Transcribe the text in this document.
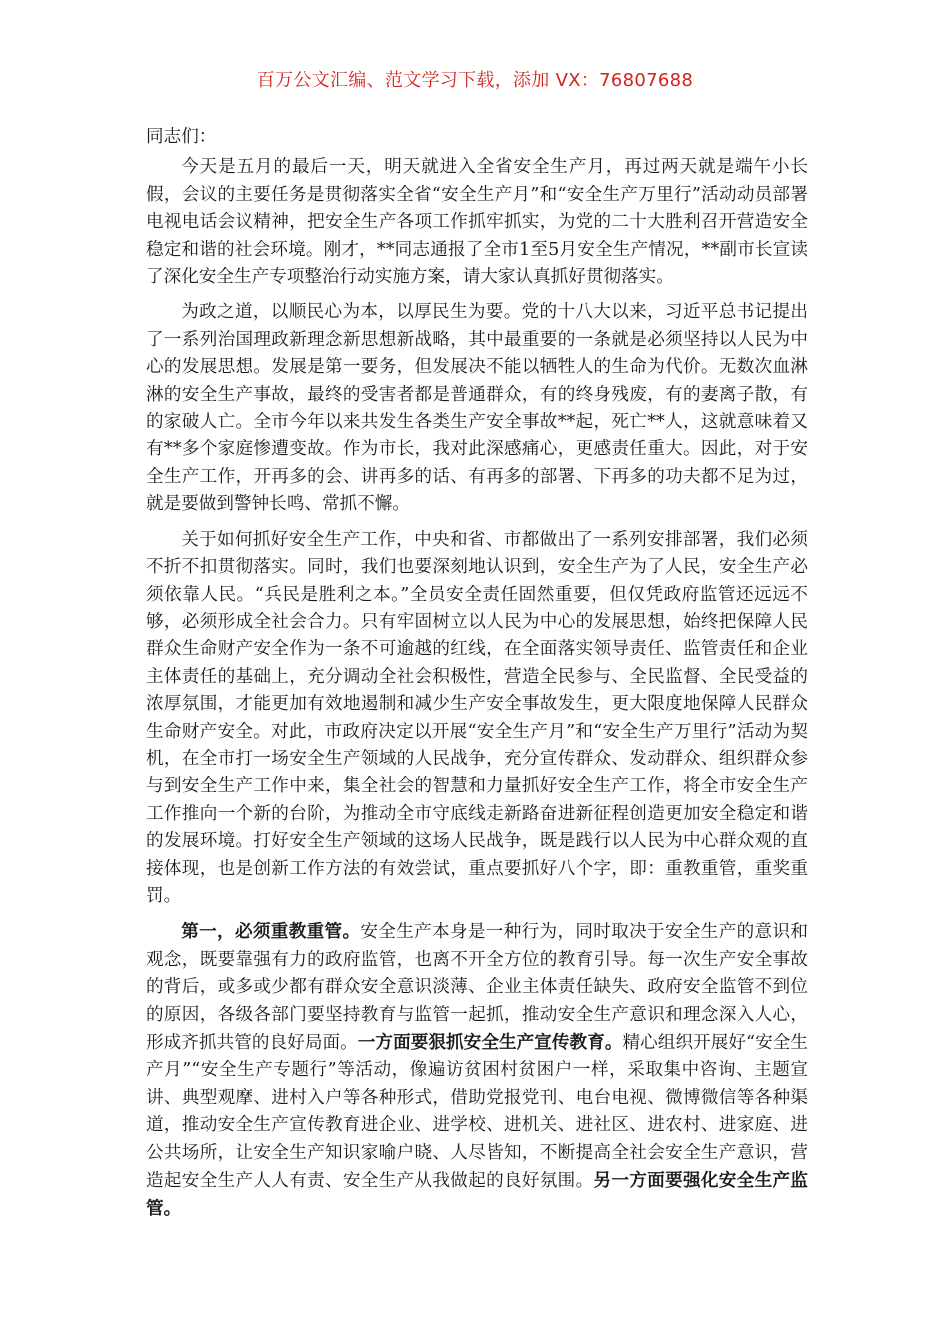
百万公文汇编、范文学习下载，添加 VX：76807688

同志们：

今天是五月的最后一天，明天就进入全省安全生产月，再过两天就是端午小长假，会议的主要任务是贯彻落实全省“安全生产月”和“安全生产万里行”活动动员部署电视电话会议精神，把安全生产各项工作抓牢抓实，为党的二十大胜利召开营造安全稳定和谐的社会环境。刚才，**同志通报了全市1至5月安全生产情况，**副市长宣读了深化安全生产专项整治行动实施方案，请大家认真抓好贯彻落实。

为政之道，以顺民心为本，以厚民生为要。党的十八大以来，习近平总书记提出了一系列治国理政新理念新思想新战略，其中最重要的一条就是必须坚持以人民为中心的发展思想。发展是第一要务，但发展决不能以牺牲人的生命为代价。无数次血淋淋的安全生产事故，最终的受害者都是普通群众，有的终身残废，有的妻离子散，有的家破人亡。全市今年以来共发生各类生产安全事故**起，死亡**人，这就意味着又有**多个家庭惨遭变故。作为市长，我对此深感痛心，更感责任重大。因此，对于安全生产工作，开再多的会、讲再多的话、有再多的部署、下再多的功夫都不足为过，就是要做到警钟长鸣、常抓不懈。

关于如何抓好安全生产工作，中央和省、市都做出了一系列安排部署，我们必须不折不扣贯彻落实。同时，我们也要深刻地认识到，安全生产为了人民，安全生产必须依靠人民。“兵民是胜利之本。”全员安全责任固然重要，但仅凭政府监管还远远不够，必须形成全社会合力。只有牢固树立以人民为中心的发展思想，始终把保障人民群众生命财产安全作为一条不可逾越的红线，在全面落实领导责任、监管责任和企业主体责任的基础上，充分调动全社会积极性，营造全民参与、全民监督、全民受益的浓厚氛围，才能更加有效地遏制和减少生产安全事故发生，更大限度地保障人民群众生命财产安全。对此，市政府决定以开展“安全生产月”和“安全生产万里行”活动为契机，在全市打一场安全生产领域的人民战争，充分宣传群众、发动群众、组织群众参与到安全生产工作中来，集全社会的智慧和力量抓好安全生产工作，将全市安全生产工作推向一个新的台阶，为推动全市守底线走新路奋进新征程创造更加安全稳定和谐的发展环境。打好安全生产领域的这场人民战争，既是践行以人民为中心群众观的直接体现，也是创新工作方法的有效尝试，重点要抓好八个字，即：重教重管，重奖重罚。

第一，必须重教重管。安全生产本身是一种行为，同时取决于安全生产的意识和观念，既要靠强有力的政府监管，也离不开全方位的教育引导。每一次生产安全事故的背后，或多或少都有群众安全意识淡薄、企业主体责任缺失、政府安全监管不到位的原因，各级各部门要坚持教育与监管一起抓，推动安全生产意识和理念深入人心，形成齐抓共管的良好局面。一方面要狠抓安全生产宣传教育。精心组织开展好“安全生产月”“安全生产专题行”等活动，像遍访贫困村贫困户一样，采取集中咨询、主题宣讲、典型观摩、进村入户等各种形式，借助党报党刊、电台电视、微博微信等各种渠道，推动安全生产宣传教育进企业、进学校、进机关、进社区、进农村、进家庭、进公共场所，让安全生产知识家喻户晓、人尽皆知，不断提高全社会安全生产意识，营造起安全生产人人有责、安全生产从我做起的良好氛围。另一方面要强化安全生产监管。
